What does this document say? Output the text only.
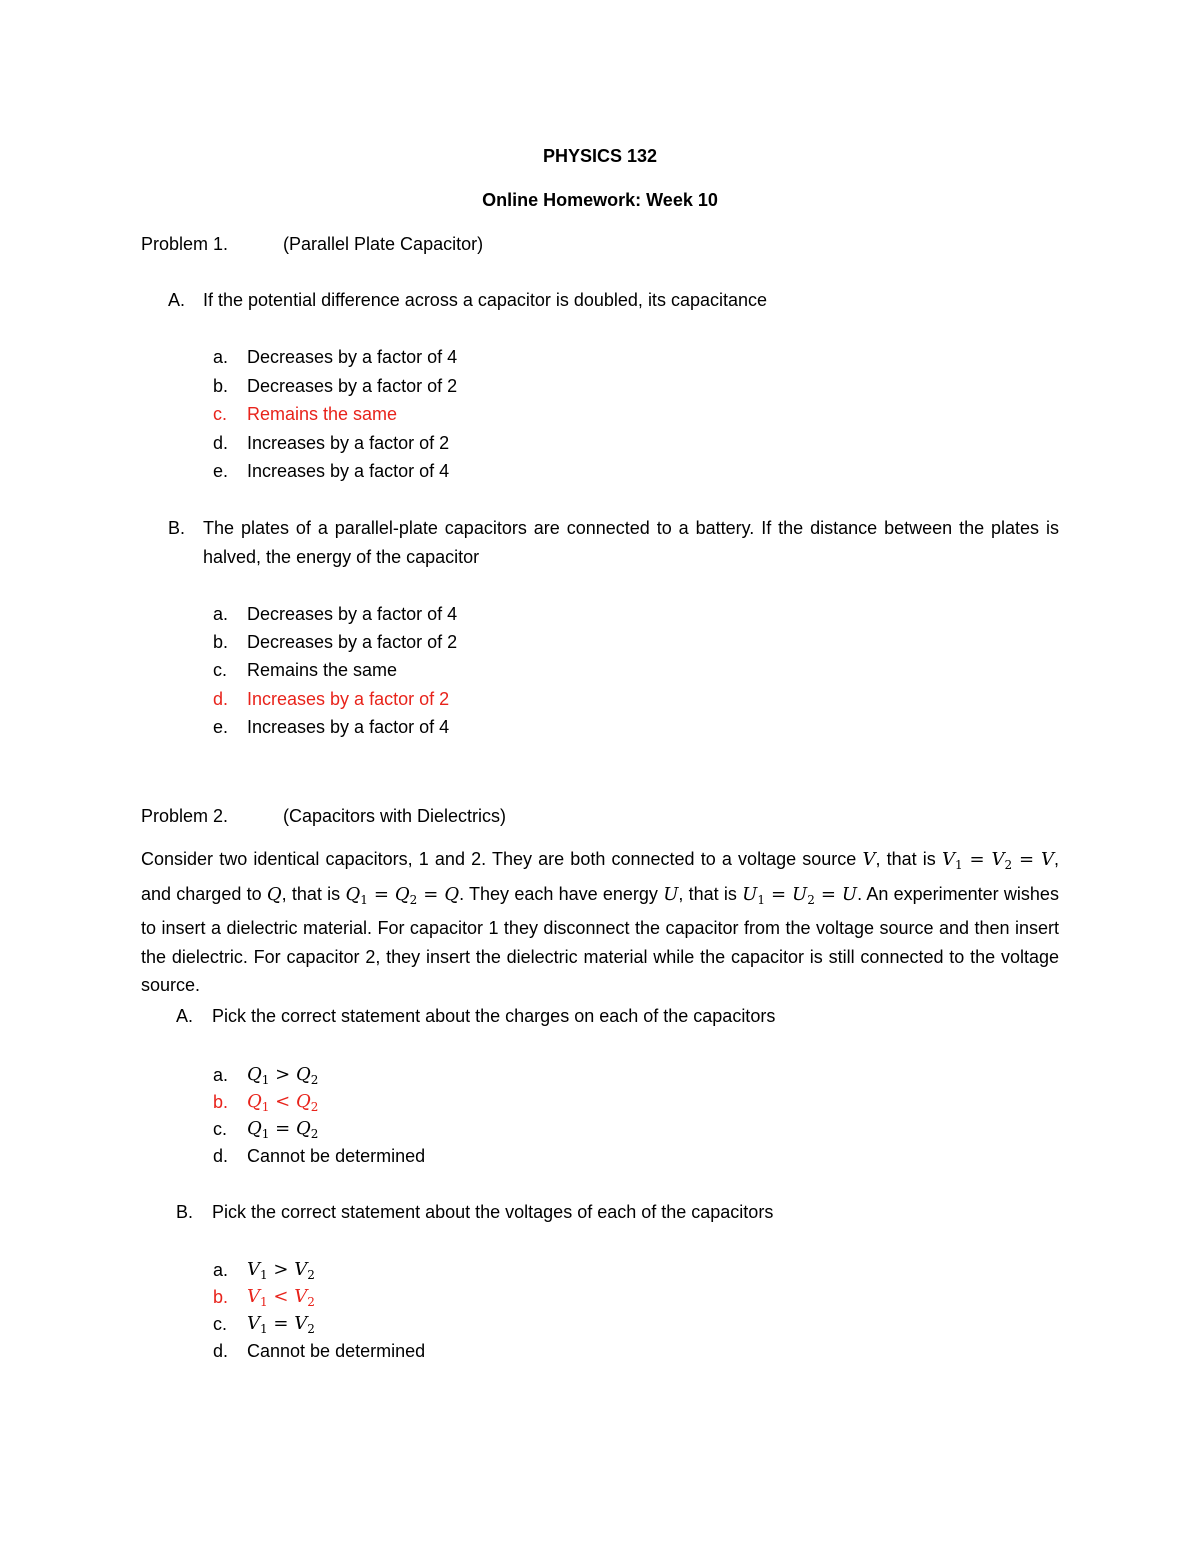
PHYSICS 132
Online Homework: Week 10
Problem 1.	(Parallel Plate Capacitor)
A. If the potential difference across a capacitor is doubled, its capacitance
a. Decreases by a factor of 4
b. Decreases by a factor of 2
c. Remains the same
d. Increases by a factor of 2
e. Increases by a factor of 4
B. The plates of a parallel-plate capacitors are connected to a battery. If the distance between the plates is halved, the energy of the capacitor
a. Decreases by a factor of 4
b. Decreases by a factor of 2
c. Remains the same
d. Increases by a factor of 2
e. Increases by a factor of 4
Problem 2.	(Capacitors with Dielectrics)
Consider two identical capacitors, 1 and 2. They are both connected to a voltage source V, that is $V_1 = V_2 = V$, and charged to Q, that is $Q_1 = Q_2 = Q$. They each have energy U, that is $U_1 = U_2 = U$. An experimenter wishes to insert a dielectric material. For capacitor 1 they disconnect the capacitor from the voltage source and then insert the dielectric. For capacitor 2, they insert the dielectric material while the capacitor is still connected to the voltage source.
A. Pick the correct statement about the charges on each of the capacitors
a. $Q_1 > Q_2$
b. $Q_1 < Q_2$
c. $Q_1 = Q_2$
d. Cannot be determined
B. Pick the correct statement about the voltages of each of the capacitors
a. $V_1 > V_2$
b. $V_1 < V_2$
c. $V_1 = V_2$
d. Cannot be determined
